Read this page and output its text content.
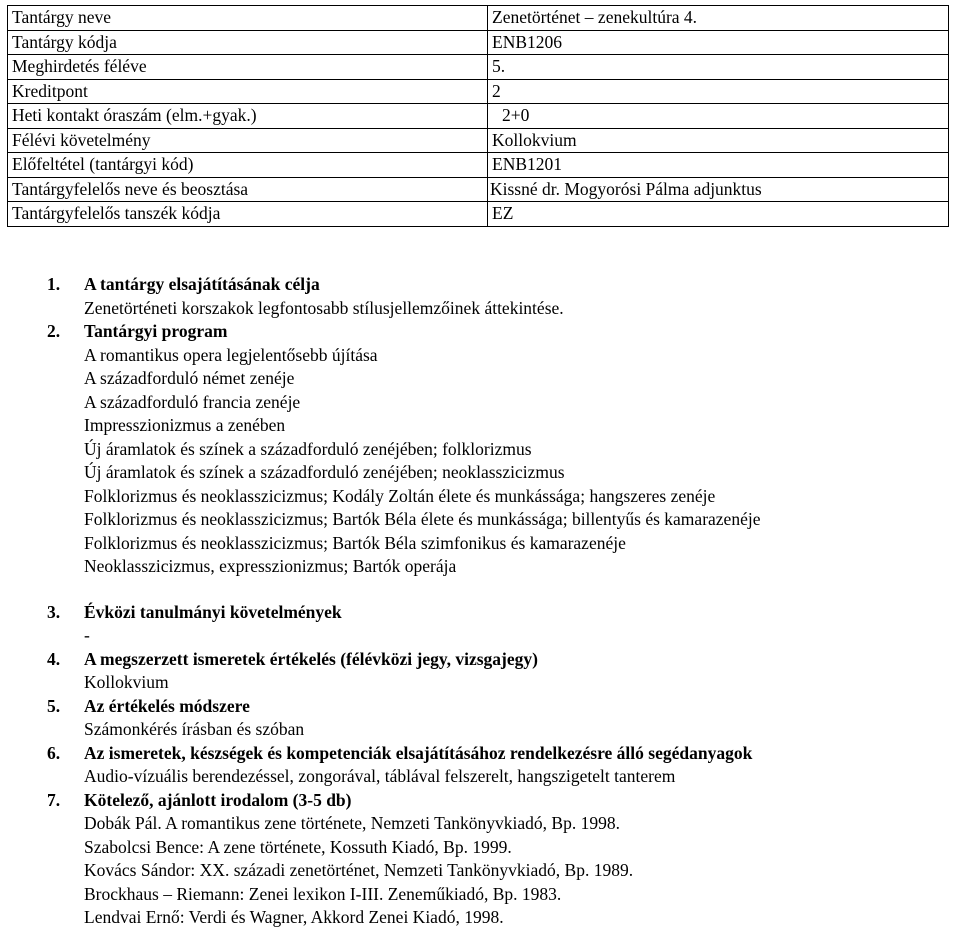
Tantárgy neve	Zenetörténet – zenekultúra 4.
Tantárgy kódja	ENB1206
Meghirdetés féléve	5.
Kreditpont	2
Heti kontakt óraszám (elm.+gyak.)	2+0
Félévi követelmény	Kollokvium
Előfeltétel (tantárgyi kód)	ENB1201
Tantárgyfelelős neve és beosztása	Kissné dr. Mogyorósi Pálma adjunktus
Tantárgyfelelős tanszék kódja	EZ
1.	A tantárgy elsajátításának célja
Zenetörténeti korszakok legfontosabb stílusjellemzőinek áttekintése.
2.	Tantárgyi program
A romantikus opera legjelentősebb újítása
A századforduló német zenéje
A századforduló francia zenéje
Impresszionizmus a zenében
Új áramlatok és színek a századforduló zenéjében; folklorizmus
Új áramlatok és színek a századforduló zenéjében; neoklasszicizmus
Folklorizmus és neoklasszicizmus; Kodály Zoltán élete és munkássága; hangszeres zenéje
Folklorizmus és neoklasszicizmus; Bartók Béla élete és munkássága; billentyűs és kamarazenéje
Folklorizmus és neoklasszicizmus; Bartók Béla szimfonikus és kamarazenéje
Neoklasszicizmus, expresszionizmus; Bartók operája
3.	Évközi tanulmányi követelmények
-
4.	A megszerzett ismeretek értékelés (félévközi jegy, vizsgajegy)
Kollokvium
5.	Az értékelés módszere
Számonkérés írásban és szóban
6.	Az ismeretek, készségek és kompetenciák elsajátításához rendelkezésre álló segédanyagok
Audio-vízuális berendezéssel, zongorával, táblával felszerelt, hangszigetelt tanterem
7.	Kötelező, ajánlott irodalom (3-5 db)
Dobák Pál. A romantikus zene története, Nemzeti Tankönyvkiadó, Bp. 1998.
Szabolcsi Bence: A zene története, Kossuth Kiadó, Bp. 1999.
Kovács Sándor: XX. századi zenetörténet, Nemzeti Tankönyvkiadó, Bp. 1989.
Brockhaus – Riemann: Zenei lexikon I-III. Zeneműkiadó, Bp. 1983.
Lendvai Ernő: Verdi és Wagner, Akkord Zenei Kiadó, 1998.
